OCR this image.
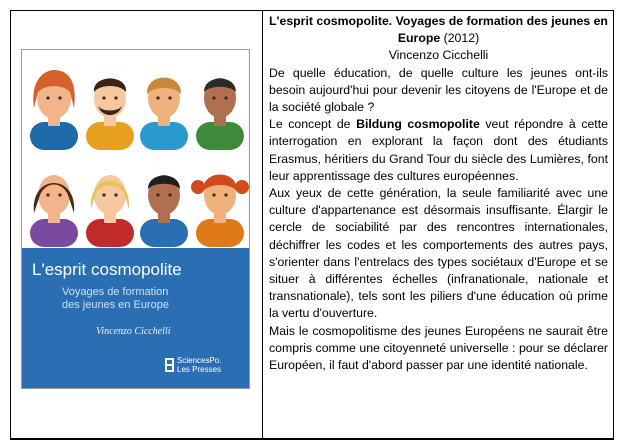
L'esprit cosmopolite
Voyages de formation
des jeunes en Europe
Vincenzo Cicchelli
SciencesPo.
Les Presses
L'esprit cosmopolite. Voyages de formation des jeunes en Europe (2012)
Vincenzo Cicchelli

De quelle éducation, de quelle culture les jeunes ont-ils besoin aujourd'hui pour devenir les citoyens de l'Europe et de la société globale ?

Le concept de Bildung cosmopolite veut répondre à cette interrogation en explorant la façon dont des étudiants Erasmus, héritiers du Grand Tour du siècle des Lumières, font leur apprentissage des cultures européennes.

Aux yeux de cette génération, la seule familiarité avec une culture d'appartenance est désormais insuffisante. Élargir le cercle de sociabilité par des rencontres internationales, déchiffrer les codes et les comportements des autres pays, s'orienter dans l'entrelacs des types sociétaux d'Europe et se situer à différentes échelles (infranationale, nationale et transnationale), tels sont les piliers d'une éducation où prime la vertu d'ouverture.

Mais le cosmopolitisme des jeunes Européens ne saurait être compris comme une citoyenneté universelle : pour se déclarer Européen, il faut d'abord passer par une identité nationale.
